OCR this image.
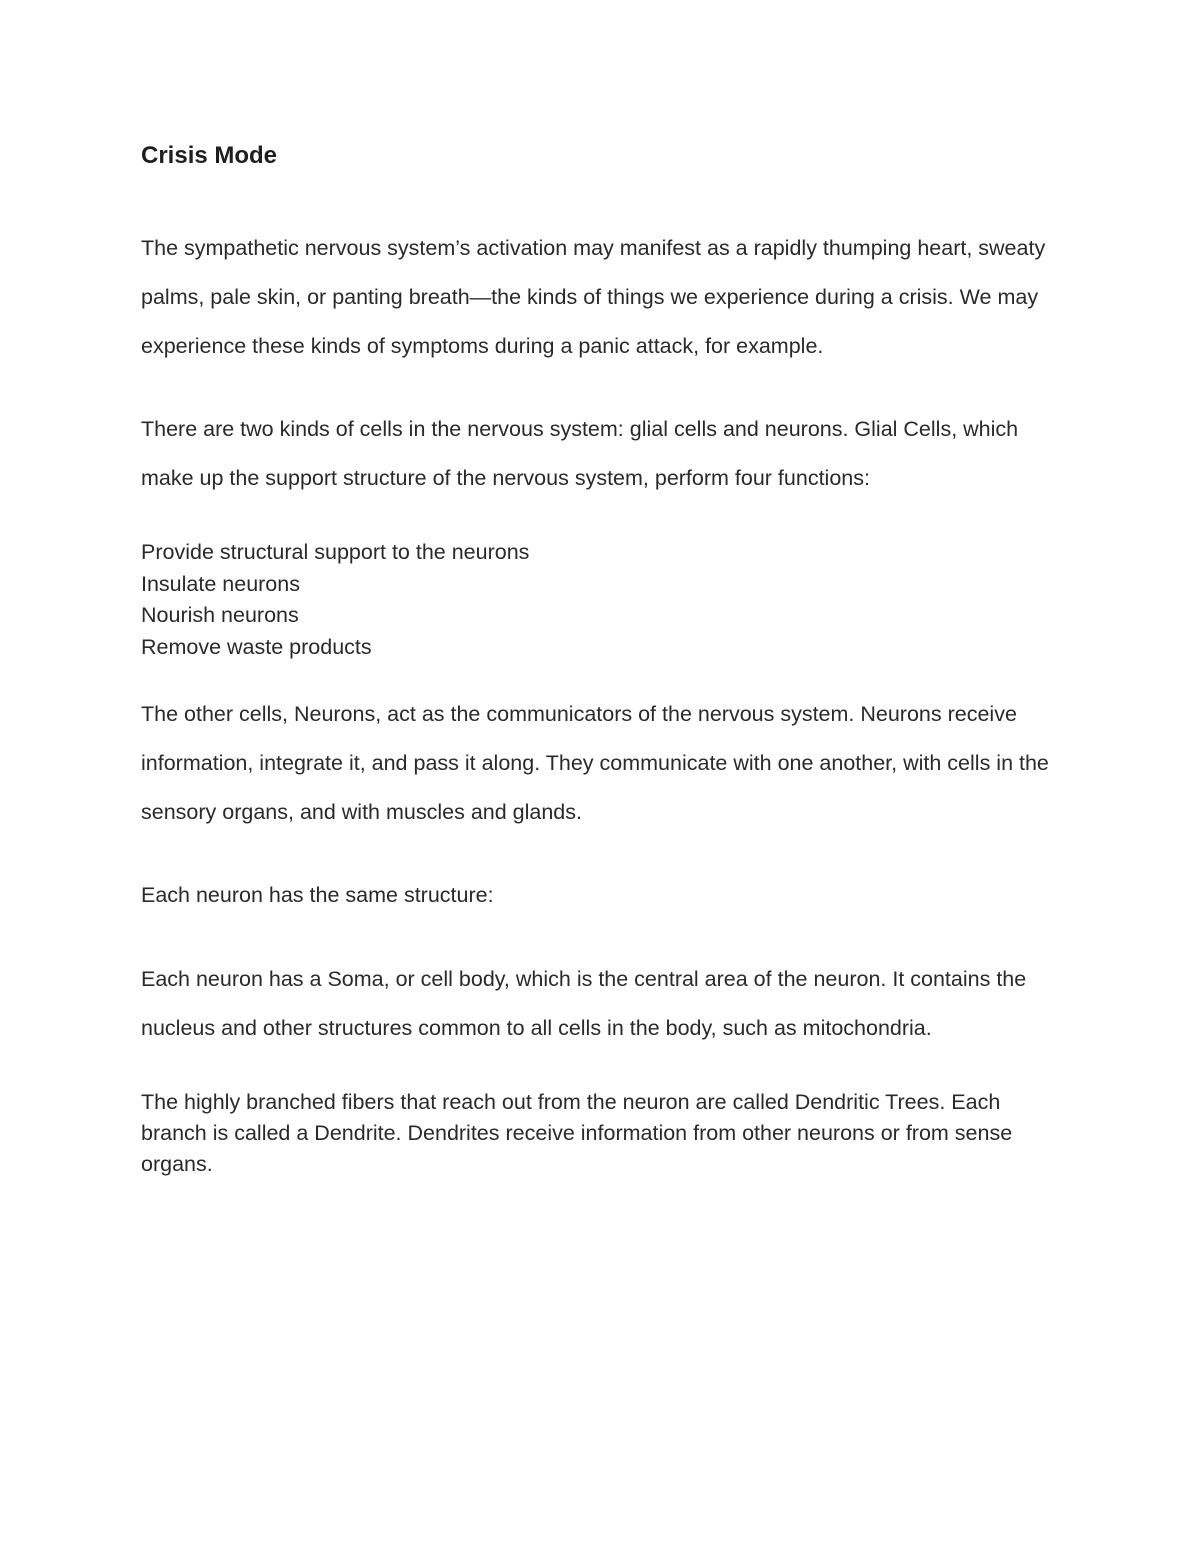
Crisis Mode

The sympathetic nervous system’s activation may manifest as a rapidly thumping heart, sweaty palms, pale skin, or panting breath—the kinds of things we experience during a crisis. We may experience these kinds of symptoms during a panic attack, for example.

There are two kinds of cells in the nervous system: glial cells and neurons. Glial Cells, which make up the support structure of the nervous system, perform four functions:

Provide structural support to the neurons
Insulate neurons
Nourish neurons
Remove waste products

The other cells, Neurons, act as the communicators of the nervous system. Neurons receive information, integrate it, and pass it along. They communicate with one another, with cells in the sensory organs, and with muscles and glands.

Each neuron has the same structure:

Each neuron has a Soma, or cell body, which is the central area of the neuron. It contains the nucleus and other structures common to all cells in the body, such as mitochondria.

The highly branched fibers that reach out from the neuron are called Dendritic Trees. Each branch is called a Dendrite. Dendrites receive information from other neurons or from sense organs.
